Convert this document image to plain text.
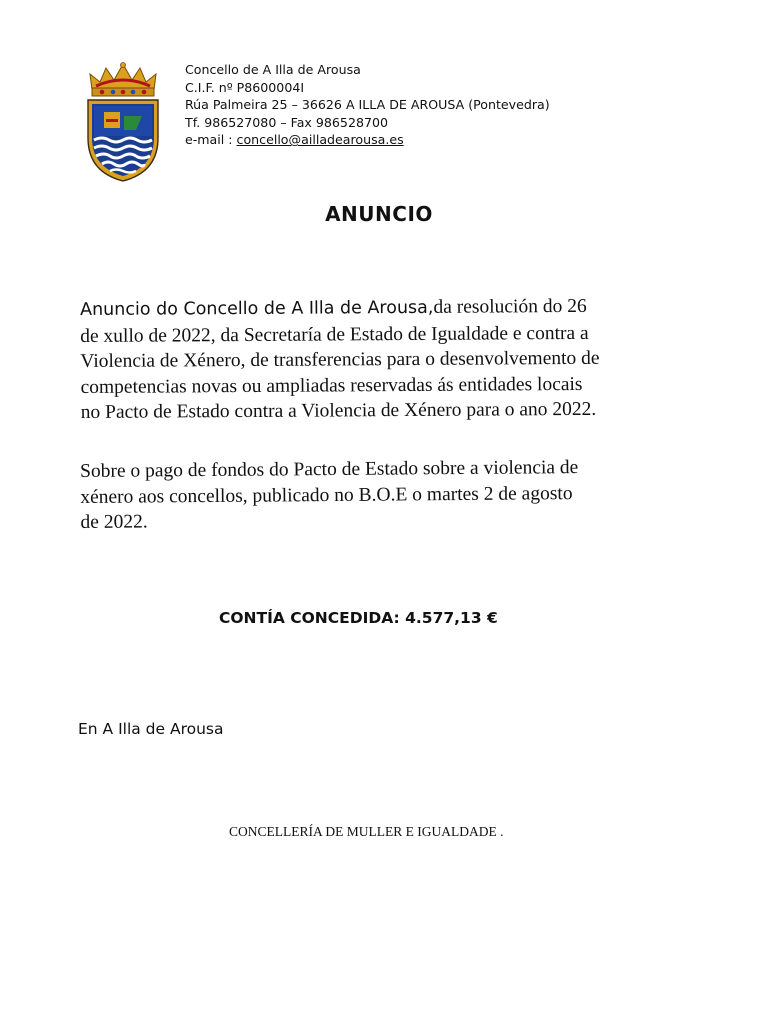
Concello de A Illa de Arousa
C.I.F. nº P8600004I
Rúa Palmeira 25 – 36626 A ILLA DE AROUSA (Pontevedra)
Tf. 986527080 – Fax 986528700
e-mail : concello@ailladearousa.es
ANUNCIO
Anuncio do Concello de A Illa de Arousa,da resolución do 26
de xullo de 2022, da Secretaría de Estado de Igualdade e contra a
Violencia de Xénero, de transferencias para o desenvolvemento de
competencias novas ou ampliadas reservadas ás entidades locais
no Pacto de Estado contra a Violencia de Xénero para o ano 2022.
Sobre o pago de fondos do Pacto de Estado sobre a violencia de
xénero aos concellos, publicado no B.O.E o martes 2 de agosto
de 2022.
CONTÍA CONCEDIDA: 4.577,13 €
En A Illa de Arousa
CONCELLERÍA DE MULLER E IGUALDADE .
